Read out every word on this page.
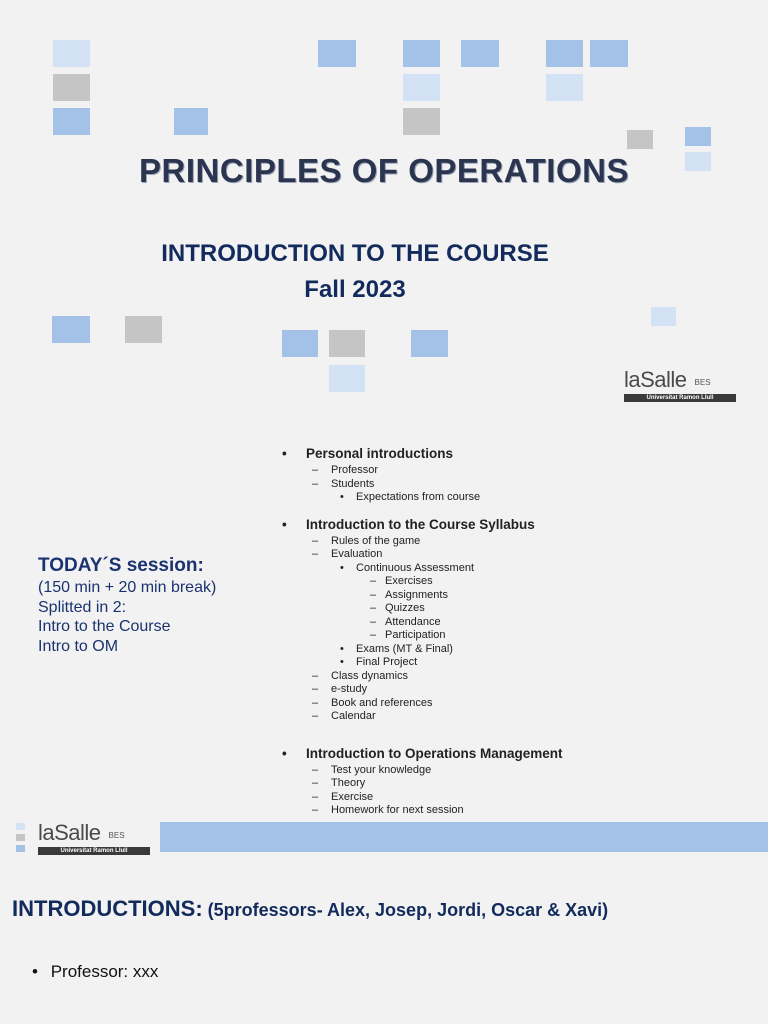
PRINCIPLES OF OPERATIONS
INTRODUCTION TO THE COURSE
Fall 2023
laSalle BES
Universitat Ramon Llull
• Personal introductions
– Professor
– Students
• Expectations from course
• Introduction to the Course Syllabus
– Rules of the game
– Evaluation
• Continuous Assessment
– Exercises
– Assignments
– Quizzes
– Attendance
– Participation
• Exams (MT & Final)
• Final Project
– Class dynamics
– e-study
– Book and references
– Calendar
• Introduction to Operations Management
– Test your knowledge
– Theory
– Exercise
– Homework for next session
TODAY´S session:
(150 min + 20 min break)
Splitted in 2:
Intro to the Course
Intro to OM
laSalle BES
Universitat Ramon Llull
INTRODUCTIONS: (5professors- Alex, Josep, Jordi, Oscar & Xavi)
• Professor: xxx
